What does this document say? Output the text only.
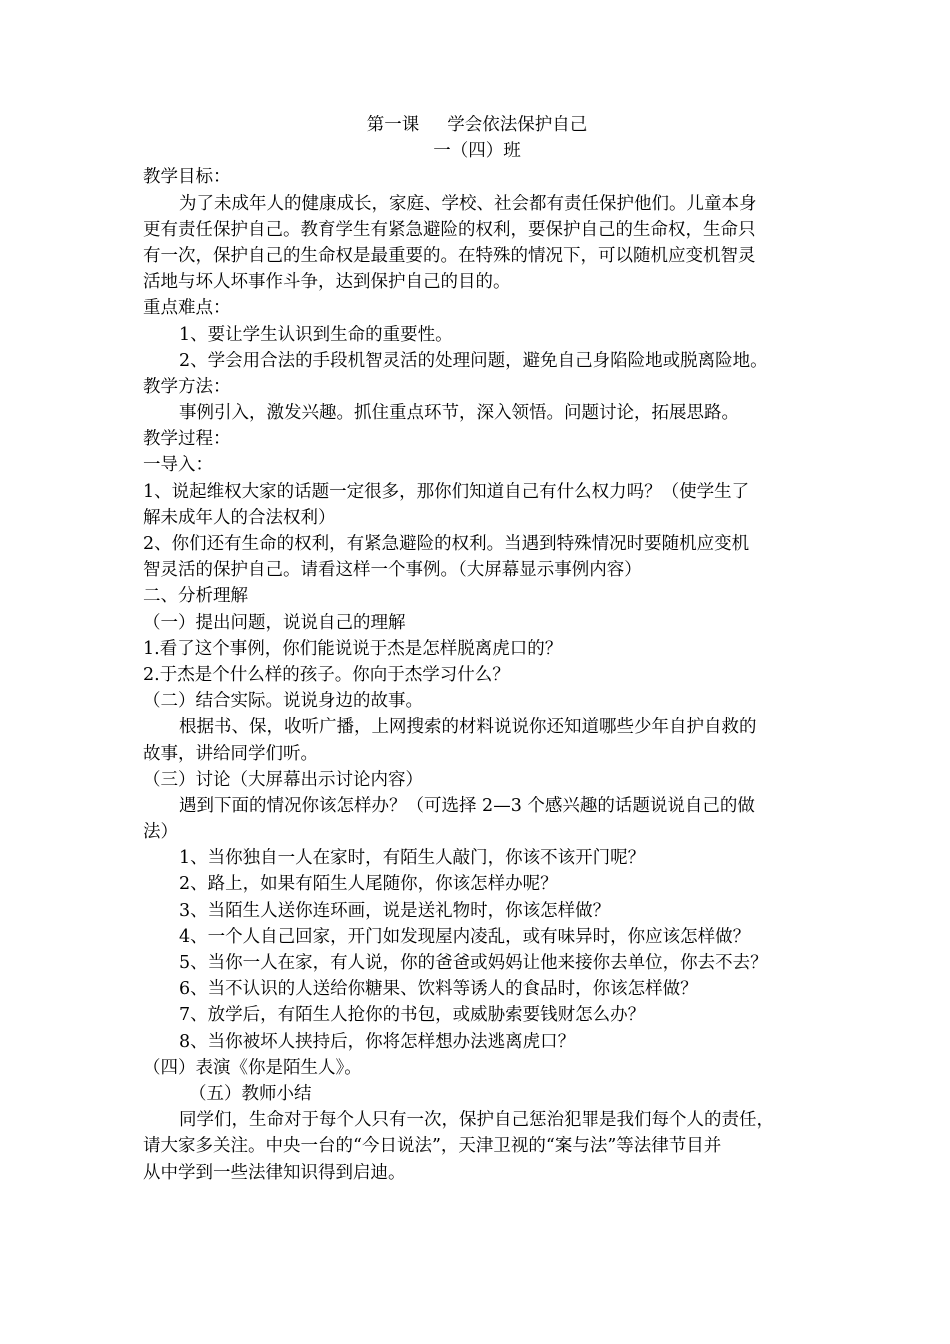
第一课 学会依法保护自己
一（四）班
教学目标：
为了未成年人的健康成长，家庭、学校、社会都有责任保护他们。儿童本身
更有责任保护自己。教育学生有紧急避险的权利，要保护自己的生命权，生命只
有一次，保护自己的生命权是最重要的。在特殊的情况下，可以随机应变机智灵
活地与坏人坏事作斗争，达到保护自己的目的。
重点难点：
1、要让学生认识到生命的重要性。
2、学会用合法的手段机智灵活的处理问题，避免自己身陷险地或脱离险地。
教学方法：
事例引入，激发兴趣。抓住重点环节，深入领悟。问题讨论，拓展思路。
教学过程：
一导入：
1、说起维权大家的话题一定很多，那你们知道自己有什么权力吗？（使学生了
解未成年人的合法权利）
2、你们还有生命的权利，有紧急避险的权利。当遇到特殊情况时要随机应变机
智灵活的保护自己。请看这样一个事例。（大屏幕显示事例内容）
二、分析理解
（一）提出问题，说说自己的理解
1.看了这个事例，你们能说说于杰是怎样脱离虎口的？
2.于杰是个什么样的孩子。你向于杰学习什么？
（二）结合实际。说说身边的故事。
根据书、保，收听广播，上网搜索的材料说说你还知道哪些少年自护自救的
故事，讲给同学们听。
（三）讨论（大屏幕出示讨论内容）
遇到下面的情况你该怎样办？（可选择 2—3 个感兴趣的话题说说自己的做
法）
1、当你独自一人在家时，有陌生人敲门，你该不该开门呢？
2、路上，如果有陌生人尾随你，你该怎样办呢？
3、当陌生人送你连环画，说是送礼物时，你该怎样做？
4、一个人自己回家，开门如发现屋内凌乱，或有味异时，你应该怎样做？
5、当你一人在家，有人说，你的爸爸或妈妈让他来接你去单位，你去不去？
6、当不认识的人送给你糖果、饮料等诱人的食品时，你该怎样做？
7、放学后，有陌生人抢你的书包，或威胁索要钱财怎么办？
8、当你被坏人挟持后，你将怎样想办法逃离虎口？
（四）表演《你是陌生人》。
（五）教师小结
同学们，生命对于每个人只有一次，保护自己惩治犯罪是我们每个人的责任，
请大家多关注。中央一台的“今日说法”，天津卫视的“案与法”等法律节目并
从中学到一些法律知识得到启迪。
